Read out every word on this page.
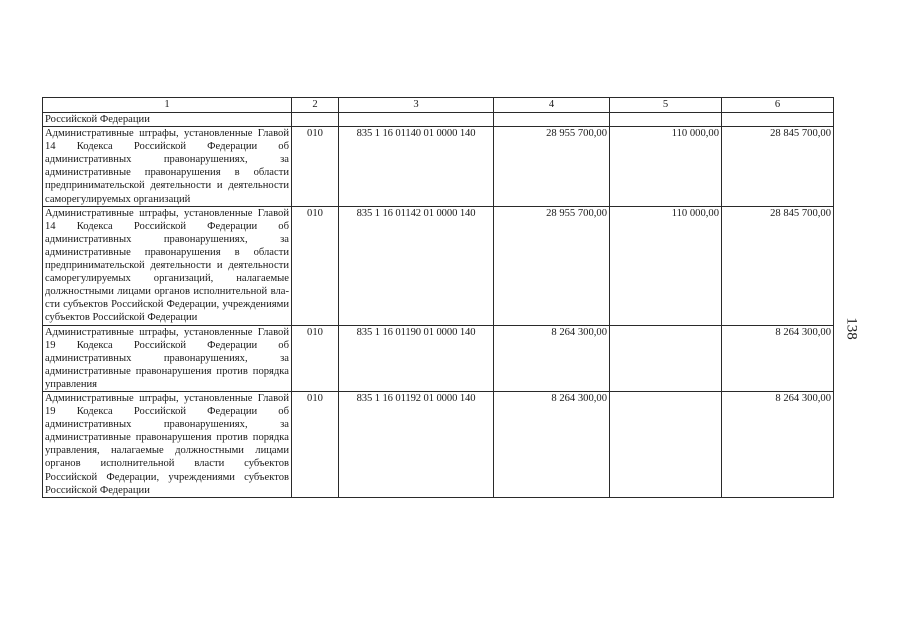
1	2	3	4	5	6
Российской Федерации					
Административные штрафы, установленные Главой 14 Кодекса Российской Федерации об административных правонарушениях, за административные правонарушения в области предпринимательской деятельности и деятельности саморегулируемых организаций	010	835 1 16 01140 01 0000 140	28 955 700,00	110 000,00	28 845 700,00
Административные штрафы, установленные Главой 14 Кодекса Российской Федерации об административных правонарушениях, за административные правонарушения в области предпринимательской деятельности и деятельности саморегулируемых организаций, налагаемые должностными лицами органов исполнительной власти субъектов Российской Федерации, учреждениями субъектов Российской Федерации	010	835 1 16 01142 01 0000 140	28 955 700,00	110 000,00	28 845 700,00
Административные штрафы, установленные Главой 19 Кодекса Российской Федерации об административных правонарушениях, за административные правонарушения против порядка управления	010	835 1 16 01190 01 0000 140	8 264 300,00		8 264 300,00
Административные штрафы, установленные Главой 19 Кодекса Российской Федерации об административных правонарушениях, за административные правонарушения против порядка управления, налагаемые должностными лицами органов исполнительной власти субъектов Российской Федерации, учреждениями субъектов Российской Федерации	010	835 1 16 01192 01 0000 140	8 264 300,00		8 264 300,00
138
